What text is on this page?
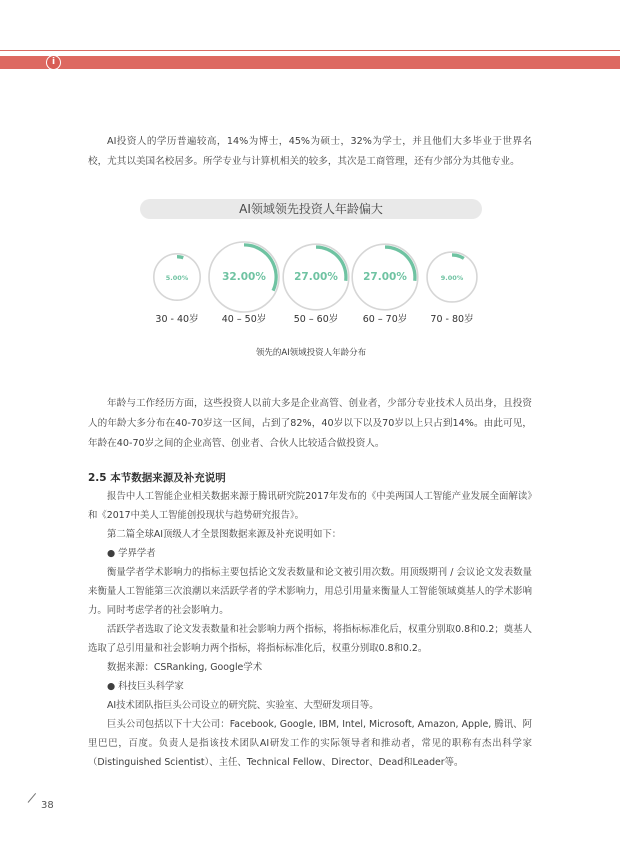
i

AI投资人的学历普遍较高，14%为博士，45%为硕士，32%为学士，并且他们大多毕业于世界名校，尤其以美国名校居多。所学专业与计算机相关的较多，其次是工商管理，还有少部分为其他专业。

AI领域领先投资人年龄偏大
5.00%
30 - 40岁
32.00%
40 – 50岁
27.00%
50 – 60岁
27.00%
60 – 70岁
9.00%
70 - 80岁
领先的AI领域投资人年龄分布

年龄与工作经历方面，这些投资人以前大多是企业高管、创业者，少部分专业技术人员出身，且投资人的年龄大多分布在40-70岁这一区间，占到了82%，40岁以下以及70岁以上只占到14%。由此可见，年龄在40-70岁之间的企业高管、创业者、合伙人比较适合做投资人。

2.5 本节数据来源及补充说明

报告中人工智能企业相关数据来源于腾讯研究院2017年发布的《中美两国人工智能产业发展全面解读》和《2017中美人工智能创投现状与趋势研究报告》。

第二篇全球AI顶级人才全景图数据来源及补充说明如下：

● 学界学者

衡量学者学术影响力的指标主要包括论文发表数量和论文被引用次数。用顶级期刊 / 会议论文发表数量来衡量人工智能第三次浪潮以来活跃学者的学术影响力，用总引用量来衡量人工智能领域奠基人的学术影响力。同时考虑学者的社会影响力。

活跃学者选取了论文发表数量和社会影响力两个指标，将指标标准化后，权重分别取0.8和0.2；奠基人选取了总引用量和社会影响力两个指标，将指标标准化后，权重分别取0.8和0.2。

数据来源：CSRanking, Google学术

● 科技巨头科学家

AI技术团队指巨头公司设立的研究院、实验室、大型研发项目等。

巨头公司包括以下十大公司：Facebook, Google, IBM, Intel, Microsoft, Amazon, Apple, 腾讯、阿里巴巴，百度。负责人是指该技术团队AI研发工作的实际领导者和推动者，常见的职称有杰出科学家（Distinguished Scientist）、主任、Technical Fellow、Director、Dead和Leader等。

38
